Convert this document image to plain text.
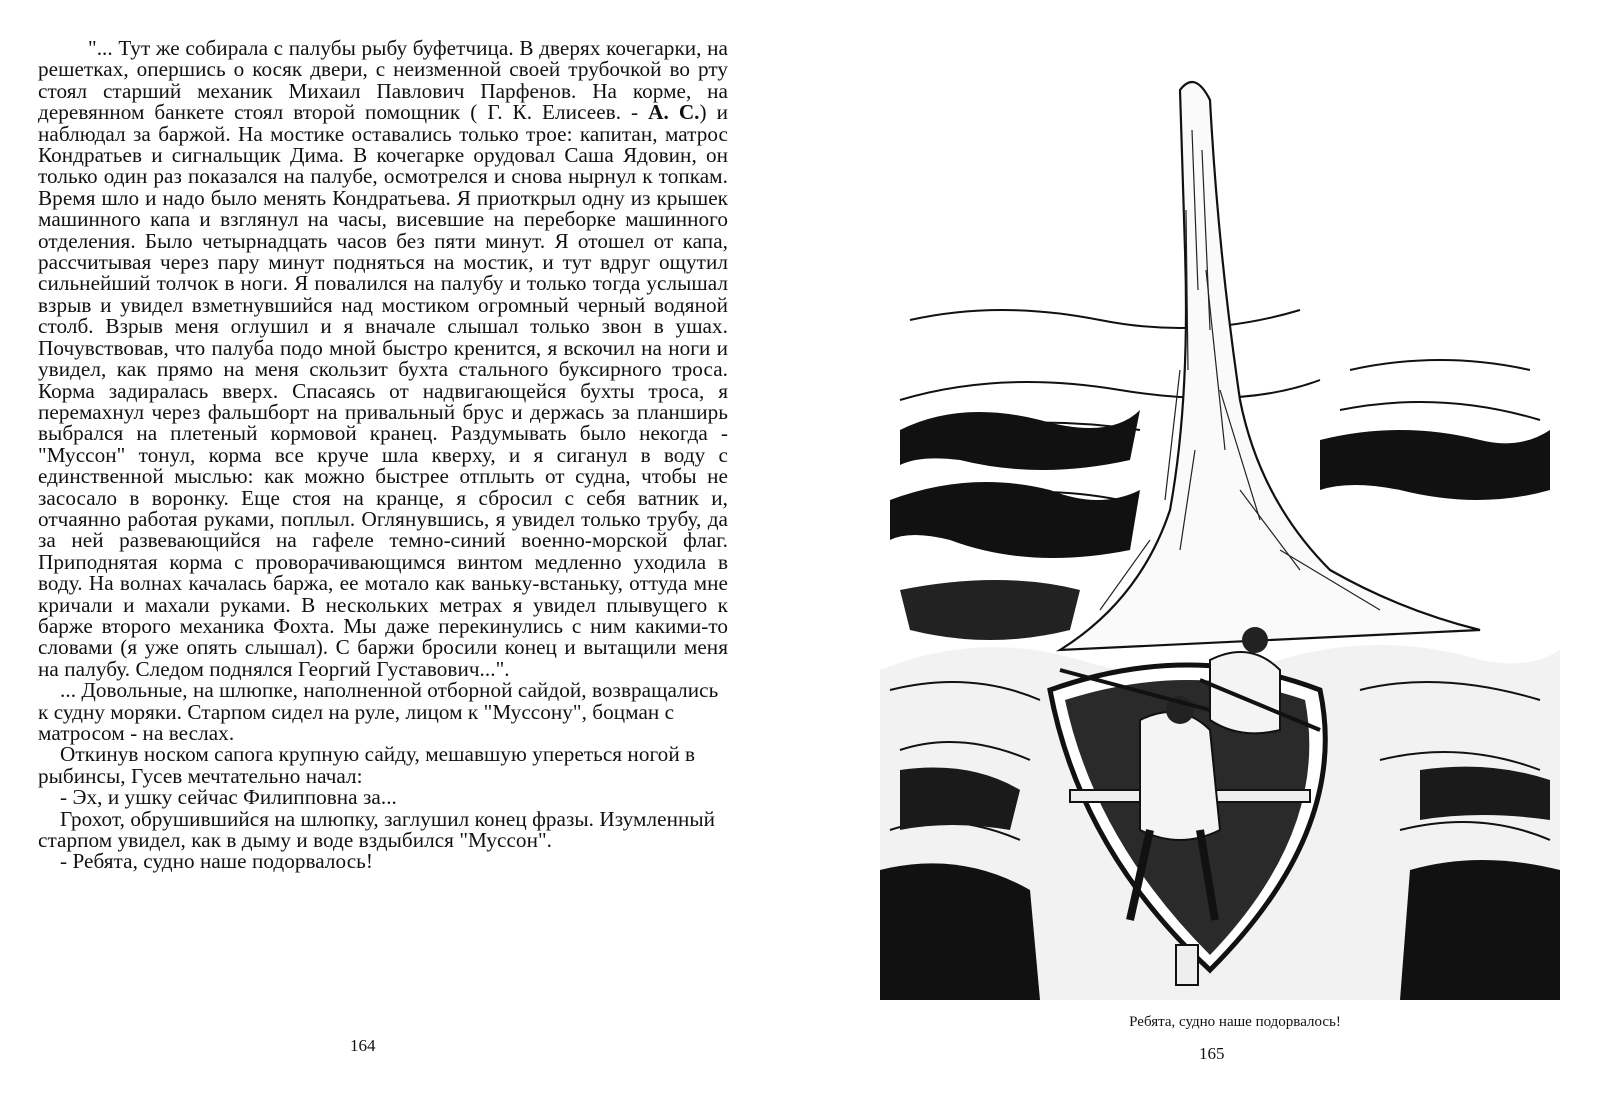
"... Тут же собирала с палубы рыбу буфетчица. В дверях кочегарки, на решетках, опершись о косяк двери, с неизменной своей трубочкой во рту стоял старший механик Михаил Павлович Парфенов. На корме, на деревянном банкете стоял второй помощник ( Г. К. Елисеев. - А. С.) и наблюдал за баржой. На мостике оставались только трое: капитан, матрос Кондратьев и сигнальщик Дима. В кочегарке орудовал Саша Ядовин, он только один раз показался на палубе, осмотрелся и снова нырнул к топкам. Время шло и надо было менять Кондратьева. Я приоткрыл одну из крышек машинного капа и взглянул на часы, висевшие на переборке машинного отделения. Было четырнадцать часов без пяти минут. Я отошел от капа, рассчитывая через пару минут подняться на мостик, и тут вдруг ощутил сильнейший толчок в ноги. Я повалился на палубу и только тогда услышал взрыв и увидел взметнувшийся над мостиком огромный черный водяной столб. Взрыв меня оглушил и я вначале слышал только звон в ушах. Почувствовав, что палуба подо мной быстро кренится, я вскочил на ноги и увидел, как прямо на меня скользит бухта стального буксирного троса. Корма задиралась вверх. Спасаясь от надвигающейся бухты троса, я перемахнул через фальшборт на привальный брус и держась за планширь выбрался на плетеный кормовой кранец. Раздумывать было некогда - "Муссон" тонул, корма все круче шла кверху, и я сиганул в воду с единственной мыслью: как можно быстрее отплыть от судна, чтобы не засосало в воронку. Еще стоя на кранце, я сбросил с себя ватник и, отчаянно работая руками, поплыл. Оглянувшись, я увидел только трубу, да за ней развевающийся на гафеле темно-синий военно-морской флаг. Приподнятая корма с проворачивающимся винтом медленно уходила в воду. На волнах качалась баржа, ее мотало как ваньку-встаньку, оттуда мне кричали и махали руками. В нескольких метрах я увидел плывущего к барже второго механика Фохта. Мы даже перекинулись с ним какими-то словами (я уже опять слышал). С баржи бросили конец и вытащили меня на палубу. Следом поднялся Георгий Густавович...".

... Довольные, на шлюпке, наполненной отборной сайдой, возвращались к судну моряки. Старпом сидел на руле, лицом к "Муссону", боцман с матросом - на веслах.

Откинув носком сапога крупную сайду, мешавшую упереться ногой в рыбинсы, Гусев мечтательно начал:

- Эх, и ушку сейчас Филипповна за...

Грохот, обрушившийся на шлюпку, заглушил конец фразы. Изумленный старпом увидел, как в дыму и воде вздыбился "Муссон".

- Ребята, судно наше подорвалось!

164
Ребята, судно наше подорвалось!
165
